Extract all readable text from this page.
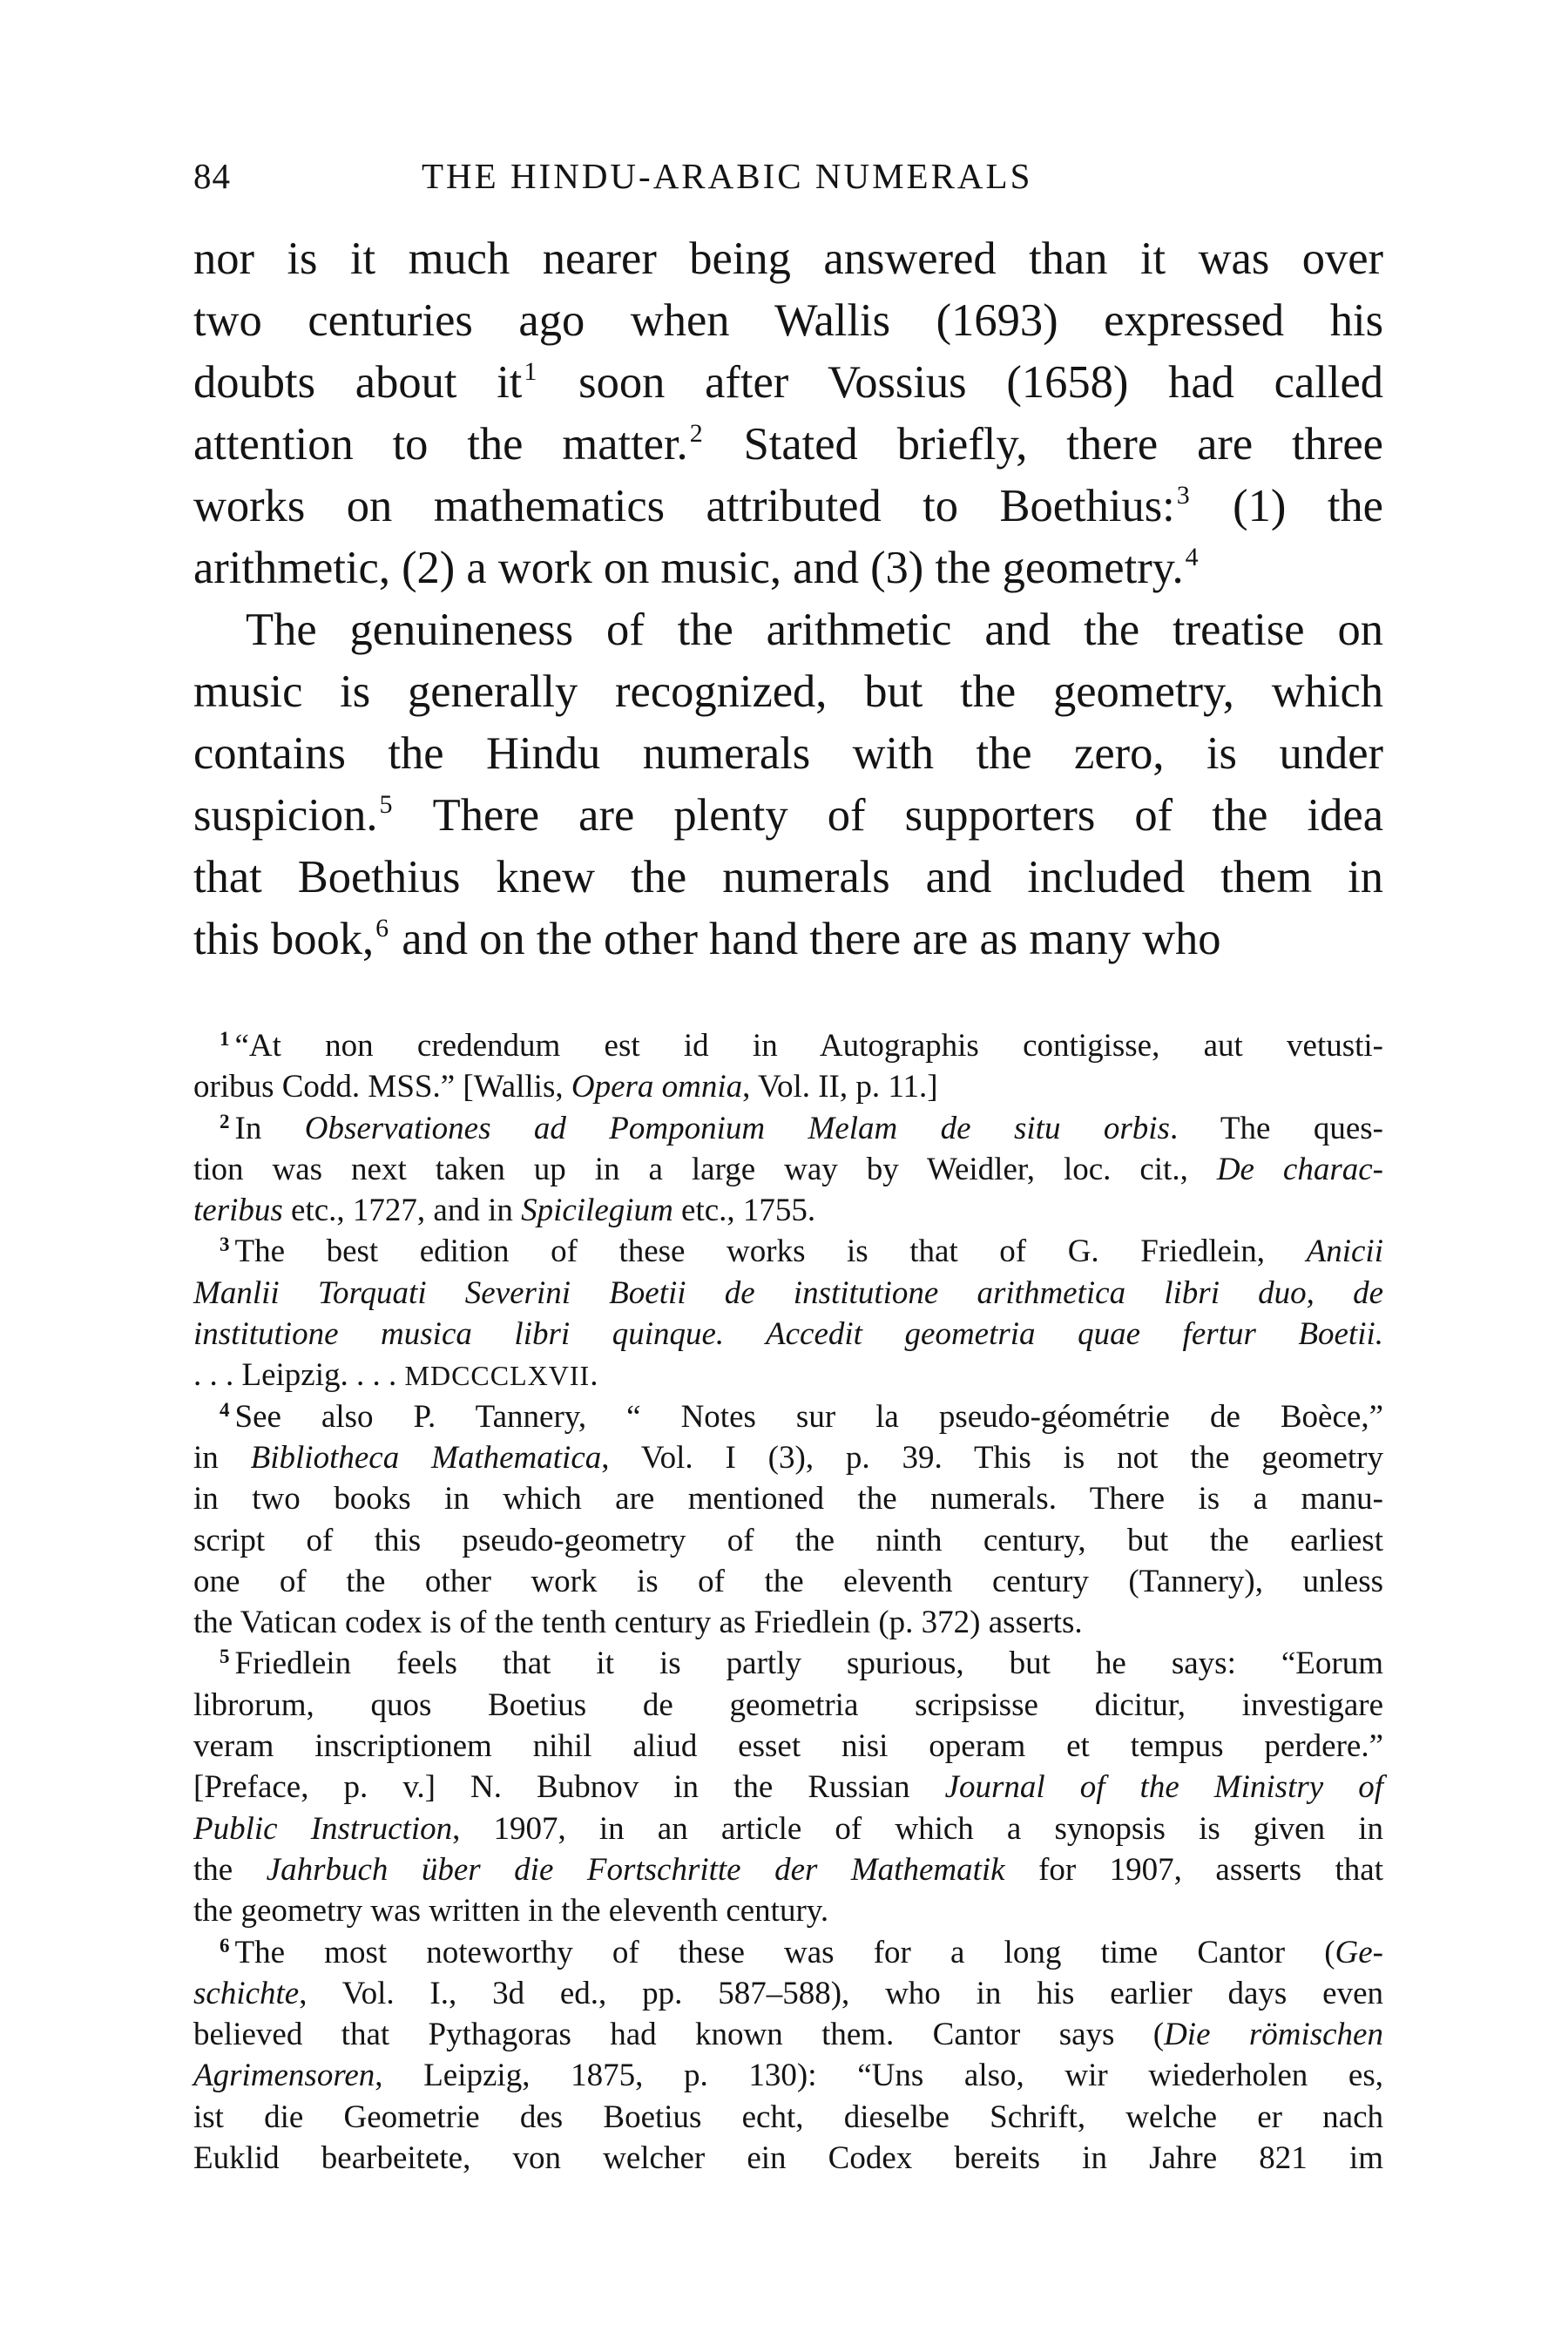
84	THE HINDU-ARABIC NUMERALS
nor is it much nearer being answered than it was over
two centuries ago when Wallis (1693) expressed his
doubts about $it^1$ soon after Vossius (1658) had called
attention to the matter.$^2$ Stated briefly, there are three
works on mathematics attributed to Boethius:$^3$ (1) the
arithmetic, (2) a work on music, and (3) the geometry.$^4$
The genuineness of the arithmetic and the treatise on
music is generally recognized, but the geometry, which
contains the Hindu numerals with the zero, is under
suspicion.$^5$ There are plenty of supporters of the idea
that Boethius knew the numerals and included them in
this book,$^6$ and on the other hand there are as many who
$^1$ “At non credendum est id in Autographis contigisse, aut vetusti-
oribus Codd. MSS.” [Wallis, Opera omnia, Vol. II, p. 11.]
$^2$ In Observationes ad Pomponium Melam de situ orbis. The ques-
tion was next taken up in a large way by Weidler, loc. cit., De charac-
teribus etc., 1727, and in Spicilegium etc., 1755.
$^3$ The best edition of these works is that of G. Friedlein, Anicii
Manlii Torquati Severini Boetii de institutione arithmetica libri duo, de
institutione musica libri quinque. Accedit geometria quae fertur Boetii.
. . . Leipzig. . . . MDCCCLXVII.
$^4$ See also P. Tannery, “ Notes sur la pseudo-géométrie de Boèce,”
in Bibliotheca Mathematica, Vol. I (3), p. 39. This is not the geometry
in two books in which are mentioned the numerals. There is a manu-
script of this pseudo-geometry of the ninth century, but the earliest
one of the other work is of the eleventh century (Tannery), unless
the Vatican codex is of the tenth century as Friedlein (p. 372) asserts.
$^5$ Friedlein feels that it is partly spurious, but he says: “Eorum
librorum, quos Boetius de geometria scripsisse dicitur, investigare
veram inscriptionem nihil aliud esset nisi operam et tempus perdere.”
[Preface, p. v.] N. Bubnov in the Russian Journal of the Ministry of
Public Instruction, 1907, in an article of which a synopsis is given in
the Jahrbuch über die Fortschritte der Mathematik for 1907, asserts that
the geometry was written in the eleventh century.
$^6$ The most noteworthy of these was for a long time Cantor (Ge-
schichte, Vol. I., 3d ed., pp. 587–588), who in his earlier days even
believed that Pythagoras had known them. Cantor says (Die römischen
Agrimensoren, Leipzig, 1875, p. 130): “Uns also, wir wiederholen es,
ist die Geometrie des Boetius echt, dieselbe Schrift, welche er nach
Euklid bearbeitete, von welcher ein Codex bereits in Jahre 821 im
